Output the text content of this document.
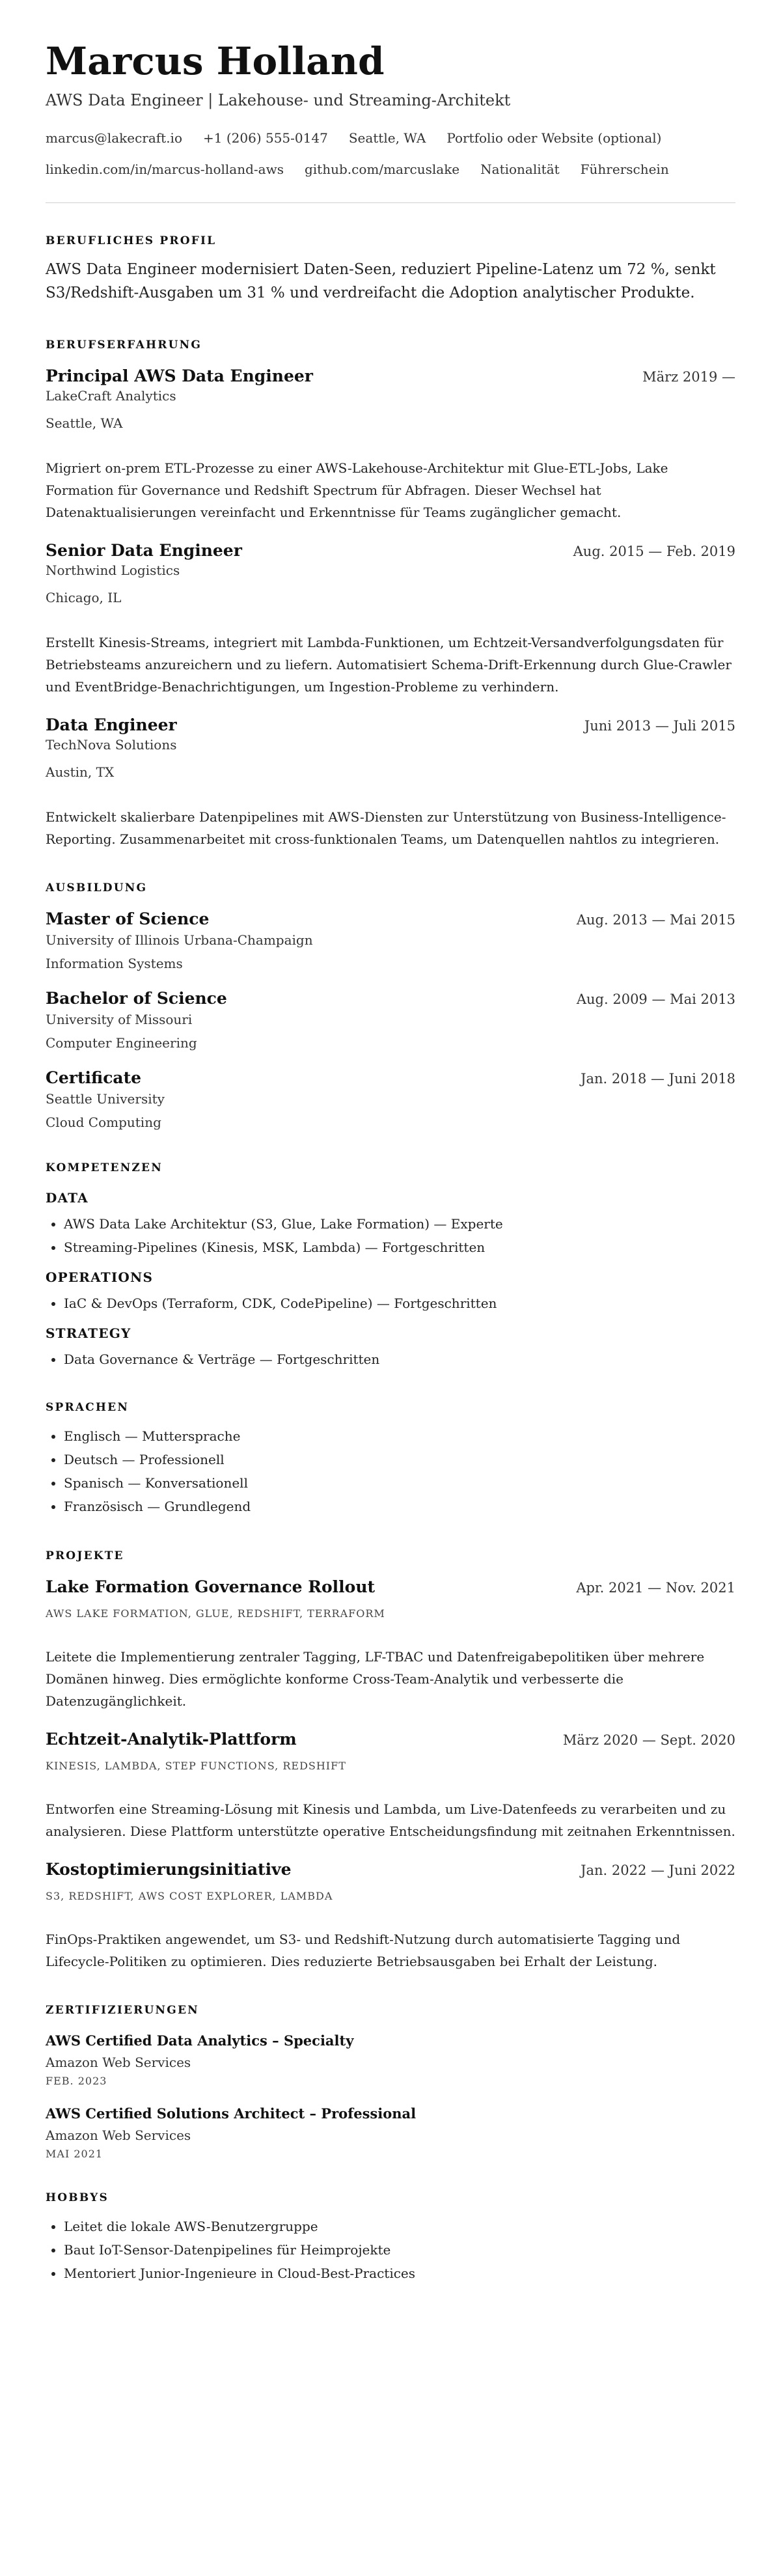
Marcus Holland
AWS Data Engineer | Lakehouse- und Streaming-Architekt
marcus@lakecraft.io +1 (206) 555-0147 Seattle, WA Portfolio oder Website (optional)
linkedin.com/in/marcus-holland-aws github.com/marcuslake Nationalität Führerschein
BERUFLICHES PROFIL
AWS Data Engineer modernisiert Daten-Seen, reduziert Pipeline-Latenz um 72 %, senkt S3/Redshift-Ausgaben um 31 % und verdreifacht die Adoption analytischer Produkte.
BERUFSERFAHRUNG
Principal AWS Data Engineer	März 2019 —
LakeCraft Analytics
Seattle, WA
Migriert on-prem ETL-Prozesse zu einer AWS-Lakehouse-Architektur mit Glue-ETL-Jobs, Lake Formation für Governance und Redshift Spectrum für Abfragen. Dieser Wechsel hat Datenaktualisierungen vereinfacht und Erkenntnisse für Teams zugänglicher gemacht.
Senior Data Engineer	Aug. 2015 — Feb. 2019
Northwind Logistics
Chicago, IL
Erstellt Kinesis-Streams, integriert mit Lambda-Funktionen, um Echtzeit-Versandverfolgungsdaten für Betriebsteams anzureichern und zu liefern. Automatisiert Schema-Drift-Erkennung durch Glue-Crawler und EventBridge-Benachrichtigungen, um Ingestion-Probleme zu verhindern.
Data Engineer	Juni 2013 — Juli 2015
TechNova Solutions
Austin, TX
Entwickelt skalierbare Datenpipelines mit AWS-Diensten zur Unterstützung von Business-Intelligence-Reporting. Zusammenarbeitet mit cross-funktionalen Teams, um Datenquellen nahtlos zu integrieren.
AUSBILDUNG
Master of Science	Aug. 2013 — Mai 2015
University of Illinois Urbana-Champaign
Information Systems
Bachelor of Science	Aug. 2009 — Mai 2013
University of Missouri
Computer Engineering
Certificate	Jan. 2018 — Juni 2018
Seattle University
Cloud Computing
KOMPETENZEN
DATA
• AWS Data Lake Architektur (S3, Glue, Lake Formation) — Experte
• Streaming-Pipelines (Kinesis, MSK, Lambda) — Fortgeschritten
OPERATIONS
• IaC & DevOps (Terraform, CDK, CodePipeline) — Fortgeschritten
STRATEGY
• Data Governance & Verträge — Fortgeschritten
SPRACHEN
• Englisch — Muttersprache
• Deutsch — Professionell
• Spanisch — Konversationell
• Französisch — Grundlegend
PROJEKTE
Lake Formation Governance Rollout	Apr. 2021 — Nov. 2021
AWS LAKE FORMATION, GLUE, REDSHIFT, TERRAFORM
Leitete die Implementierung zentraler Tagging, LF-TBAC und Datenfreigabepolitiken über mehrere Domänen hinweg. Dies ermöglichte konforme Cross-Team-Analytik und verbesserte die Datenzugänglichkeit.
Echtzeit-Analytik-Plattform	März 2020 — Sept. 2020
KINESIS, LAMBDA, STEP FUNCTIONS, REDSHIFT
Entworfen eine Streaming-Lösung mit Kinesis und Lambda, um Live-Datenfeeds zu verarbeiten und zu analysieren. Diese Plattform unterstützte operative Entscheidungsfindung mit zeitnahen Erkenntnissen.
Kostoptimierungsinitiative	Jan. 2022 — Juni 2022
S3, REDSHIFT, AWS COST EXPLORER, LAMBDA
FinOps-Praktiken angewendet, um S3- und Redshift-Nutzung durch automatisierte Tagging und Lifecycle-Politiken zu optimieren. Dies reduzierte Betriebsausgaben bei Erhalt der Leistung.
ZERTIFIZIERUNGEN
AWS Certified Data Analytics – Specialty
Amazon Web Services
FEB. 2023
AWS Certified Solutions Architect – Professional
Amazon Web Services
MAI 2021
HOBBYS
• Leitet die lokale AWS-Benutzergruppe
• Baut IoT-Sensor-Datenpipelines für Heimprojekte
• Mentoriert Junior-Ingenieure in Cloud-Best-Practices
